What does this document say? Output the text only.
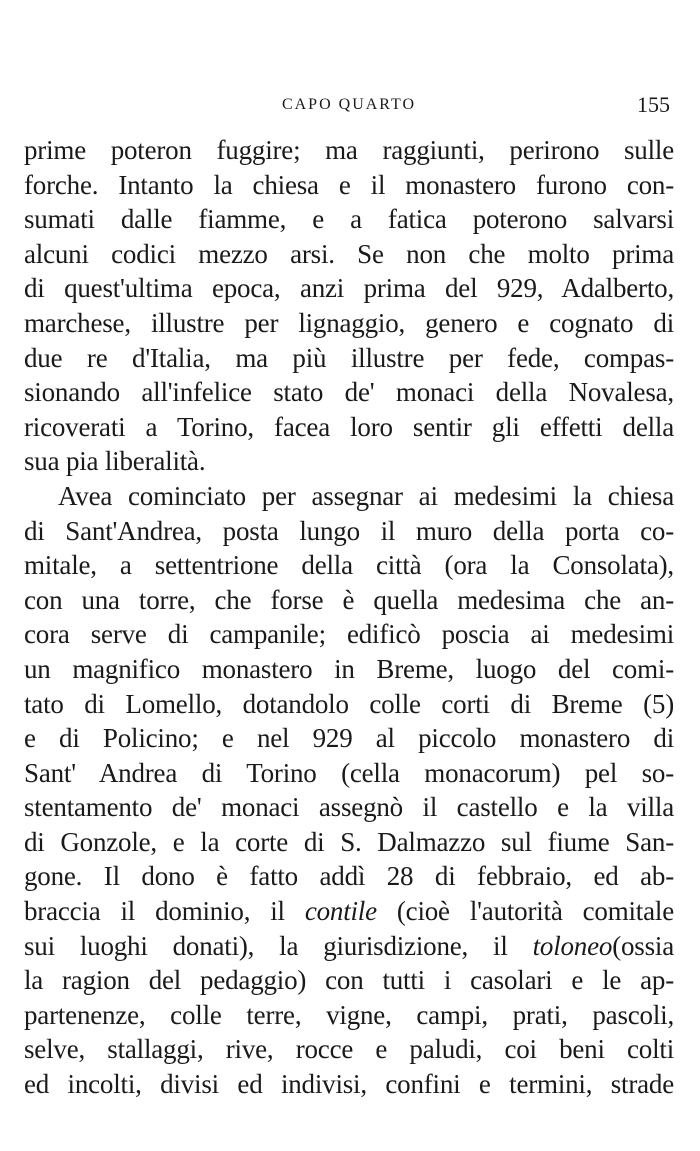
CAPO QUARTO	155
prime poteron fuggire; ma raggiunti, perirono sulle
forche. Intanto la chiesa e il monastero furono con-
sumati dalle fiamme, e a fatica poterono salvarsi
alcuni codici mezzo arsi. Se non che molto prima
di quest'ultima epoca, anzi prima del 929, Adalberto,
marchese, illustre per lignaggio, genero e cognato di
due re d'Italia, ma più illustre per fede, compas-
sionando all'infelice stato de' monaci della Novalesa,
ricoverati a Torino, facea loro sentir gli effetti della
sua pia liberalità.
Avea cominciato per assegnar ai medesimi la chiesa
di Sant'Andrea, posta lungo il muro della porta co-
mitale, a settentrione della città (ora la Consolata),
con una torre, che forse è quella medesima che an-
cora serve di campanile; edificò poscia ai medesimi
un magnifico monastero in Breme, luogo del comi-
tato di Lomello, dotandolo colle corti di Breme (5)
e di Policino; e nel 929 al piccolo monastero di
Sant' Andrea di Torino (cella monacorum) pel so-
stentamento de' monaci assegnò il castello e la villa
di Gonzole, e la corte di S. Dalmazzo sul fiume San-
gone. Il dono è fatto addì 28 di febbraio, ed ab-
braccia il dominio, il contile (cioè l'autorità comitale
sui luoghi donati), la giurisdizione, il toloneo(ossia
la ragion del pedaggio) con tutti i casolari e le ap-
partenenze, colle terre, vigne, campi, prati, pascoli,
selve, stallaggi, rive, rocce e paludi, coi beni colti
ed incolti, divisi ed indivisi, confini e termini, strade
